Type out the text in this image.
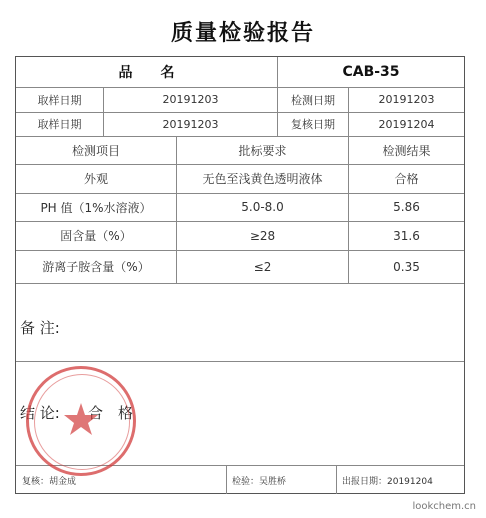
质量检验报告
品　　名	CAB-35
取样日期	20191203	检测日期	20191203
取样日期	20191203	复核日期	20191204
检测项目	批标要求	检测结果
外观	无色至浅黄色透明液体	合格
PH 值（1%水溶液）	5.0-8.0	5.86
固含量（%）	≥28	31.6
游离子胺含量（%）	≤2	0.35
备 注:
结 论: 合　格
复核：胡金成	检验：吴胜桥	出报日期：20191204
lookchem.cn
